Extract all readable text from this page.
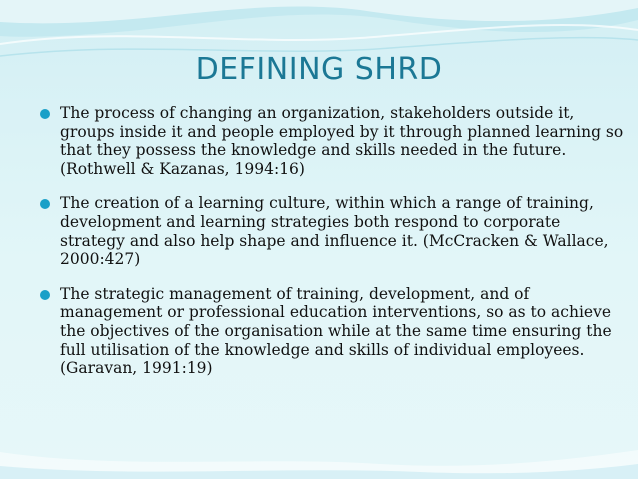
DEFINING SHRD
The process of changing an organization, stakeholders outside it, groups inside it and people employed by it through planned learning so that they possess the knowledge and skills needed in the future. (Rothwell & Kazanas, 1994:16)
The creation of a learning culture, within which a range of training, development and learning strategies both respond to corporate strategy and also help shape and influence it. (McCracken & Wallace, 2000:427)
The strategic management of training, development, and of management or professional education interventions, so as to achieve the objectives of the organisation while at the same time ensuring the full utilisation of the knowledge and skills of individual employees. (Garavan, 1991:19)
